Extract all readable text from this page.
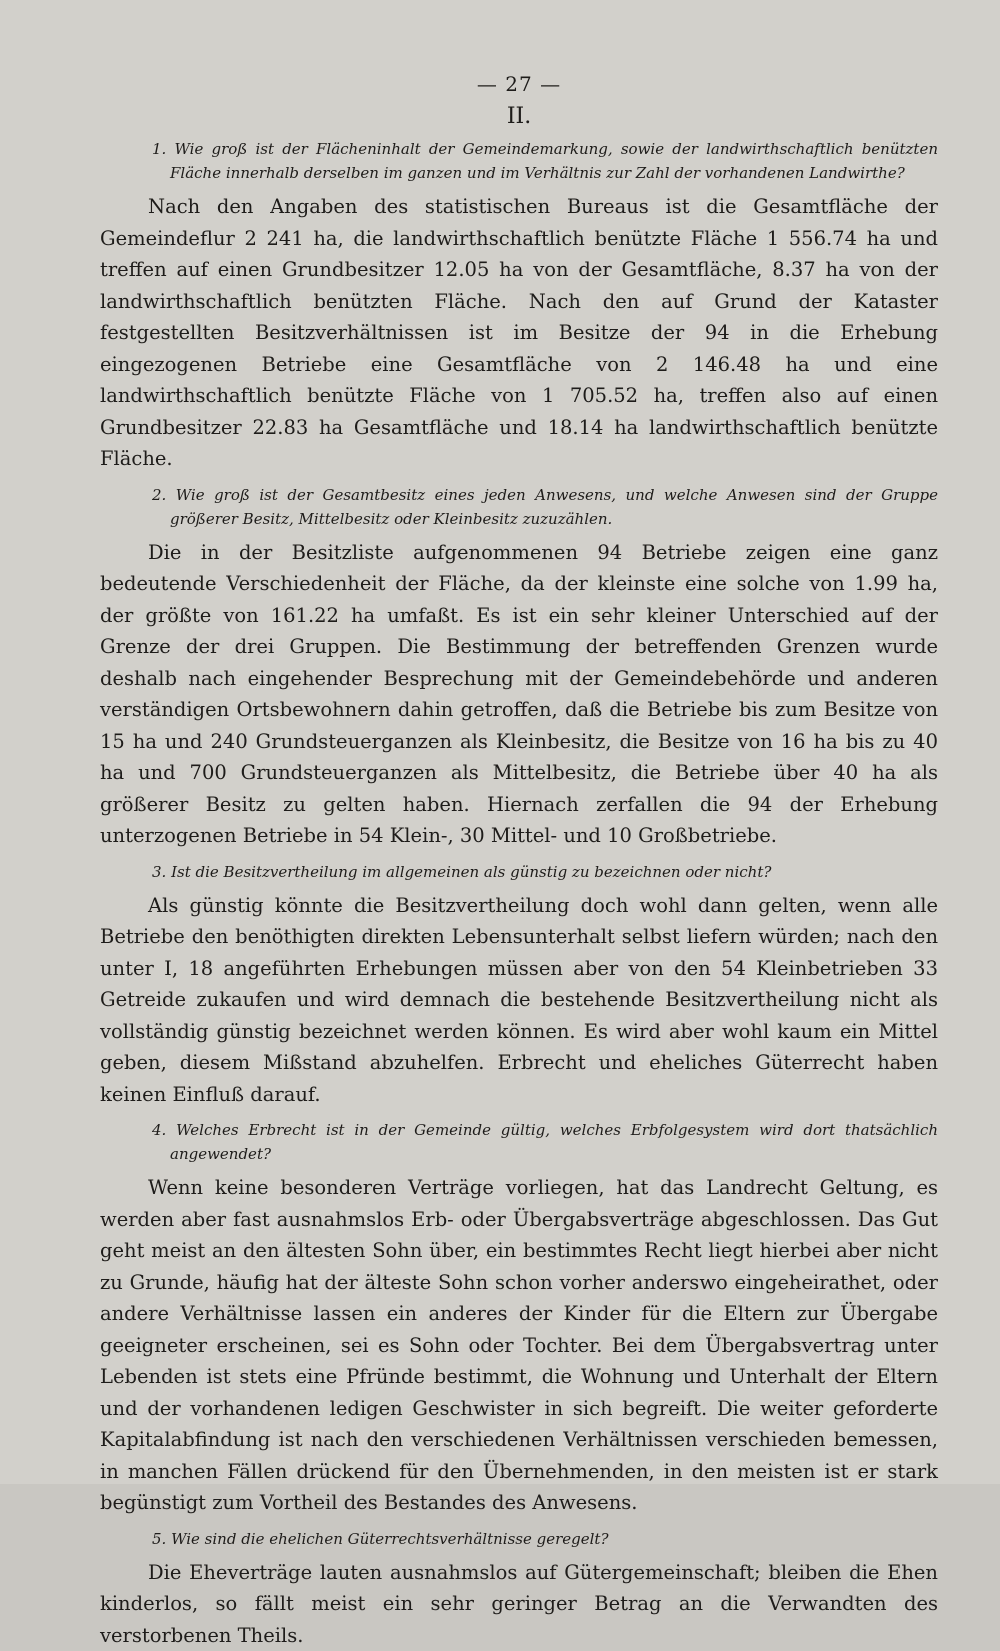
— 27 —
II.

1. Wie groß ist der Flächeninhalt der Gemeindemarkung, sowie der landwirthschaftlich benützten Fläche innerhalb derselben im ganzen und im Verhältnis zur Zahl der vorhandenen Landwirthe?

Nach den Angaben des statistischen Bureaus ist die Gesamtfläche der Gemeindeflur 2 241 ha, die landwirthschaftlich benützte Fläche 1 556.74 ha und treffen auf einen Grundbesitzer 12.05 ha von der Gesamtfläche, 8.37 ha von der landwirthschaftlich benützten Fläche. Nach den auf Grund der Kataster festgestellten Besitzverhältnissen ist im Besitze der 94 in die Erhebung eingezogenen Betriebe eine Gesamtfläche von 2 146.48 ha und eine landwirthschaftlich benützte Fläche von 1 705.52 ha, treffen also auf einen Grundbesitzer 22.83 ha Gesamtfläche und 18.14 ha landwirthschaftlich benützte Fläche.

2. Wie groß ist der Gesamtbesitz eines jeden Anwesens, und welche Anwesen sind der Gruppe größerer Besitz, Mittelbesitz oder Kleinbesitz zuzuzählen.

Die in der Besitzliste aufgenommenen 94 Betriebe zeigen eine ganz bedeutende Verschiedenheit der Fläche, da der kleinste eine solche von 1.99 ha, der größte von 161.22 ha umfaßt. Es ist ein sehr kleiner Unterschied auf der Grenze der drei Gruppen. Die Bestimmung der betreffenden Grenzen wurde deshalb nach eingehender Besprechung mit der Gemeindebehörde und anderen verständigen Ortsbewohnern dahin getroffen, daß die Betriebe bis zum Besitze von 15 ha und 240 Grundsteuerganzen als Kleinbesitz, die Besitze von 16 ha bis zu 40 ha und 700 Grundsteuerganzen als Mittelbesitz, die Betriebe über 40 ha als größerer Besitz zu gelten haben. Hiernach zerfallen die 94 der Erhebung unterzogenen Betriebe in 54 Klein-, 30 Mittel- und 10 Großbetriebe.

3. Ist die Besitzvertheilung im allgemeinen als günstig zu bezeichnen oder nicht?

Als günstig könnte die Besitzvertheilung doch wohl dann gelten, wenn alle Betriebe den benöthigten direkten Lebensunterhalt selbst liefern würden; nach den unter I, 18 angeführten Erhebungen müssen aber von den 54 Kleinbetrieben 33 Getreide zukaufen und wird demnach die bestehende Besitzvertheilung nicht als vollständig günstig bezeichnet werden können. Es wird aber wohl kaum ein Mittel geben, diesem Mißstand abzuhelfen. Erbrecht und eheliches Güterrecht haben keinen Einfluß darauf.

4. Welches Erbrecht ist in der Gemeinde gültig, welches Erbfolgesystem wird dort thatsächlich angewendet?

Wenn keine besonderen Verträge vorliegen, hat das Landrecht Geltung, es werden aber fast ausnahmslos Erb- oder Übergabsverträge abgeschlossen. Das Gut geht meist an den ältesten Sohn über, ein bestimmtes Recht liegt hierbei aber nicht zu Grunde, häufig hat der älteste Sohn schon vorher anderswo eingeheirathet, oder andere Verhältnisse lassen ein anderes der Kinder für die Eltern zur Übergabe geeigneter erscheinen, sei es Sohn oder Tochter. Bei dem Übergabsvertrag unter Lebenden ist stets eine Pfründe bestimmt, die Wohnung und Unterhalt der Eltern und der vorhandenen ledigen Geschwister in sich begreift. Die weiter geforderte Kapitalabfindung ist nach den verschiedenen Verhältnissen verschieden bemessen, in manchen Fällen drückend für den Übernehmenden, in den meisten ist er stark begünstigt zum Vortheil des Bestandes des Anwesens.

5. Wie sind die ehelichen Güterrechtsverhältnisse geregelt?

Die Eheverträge lauten ausnahmslos auf Gütergemeinschaft; bleiben die Ehen kinderlos, so fällt meist ein sehr geringer Betrag an die Verwandten des verstorbenen Theils.
